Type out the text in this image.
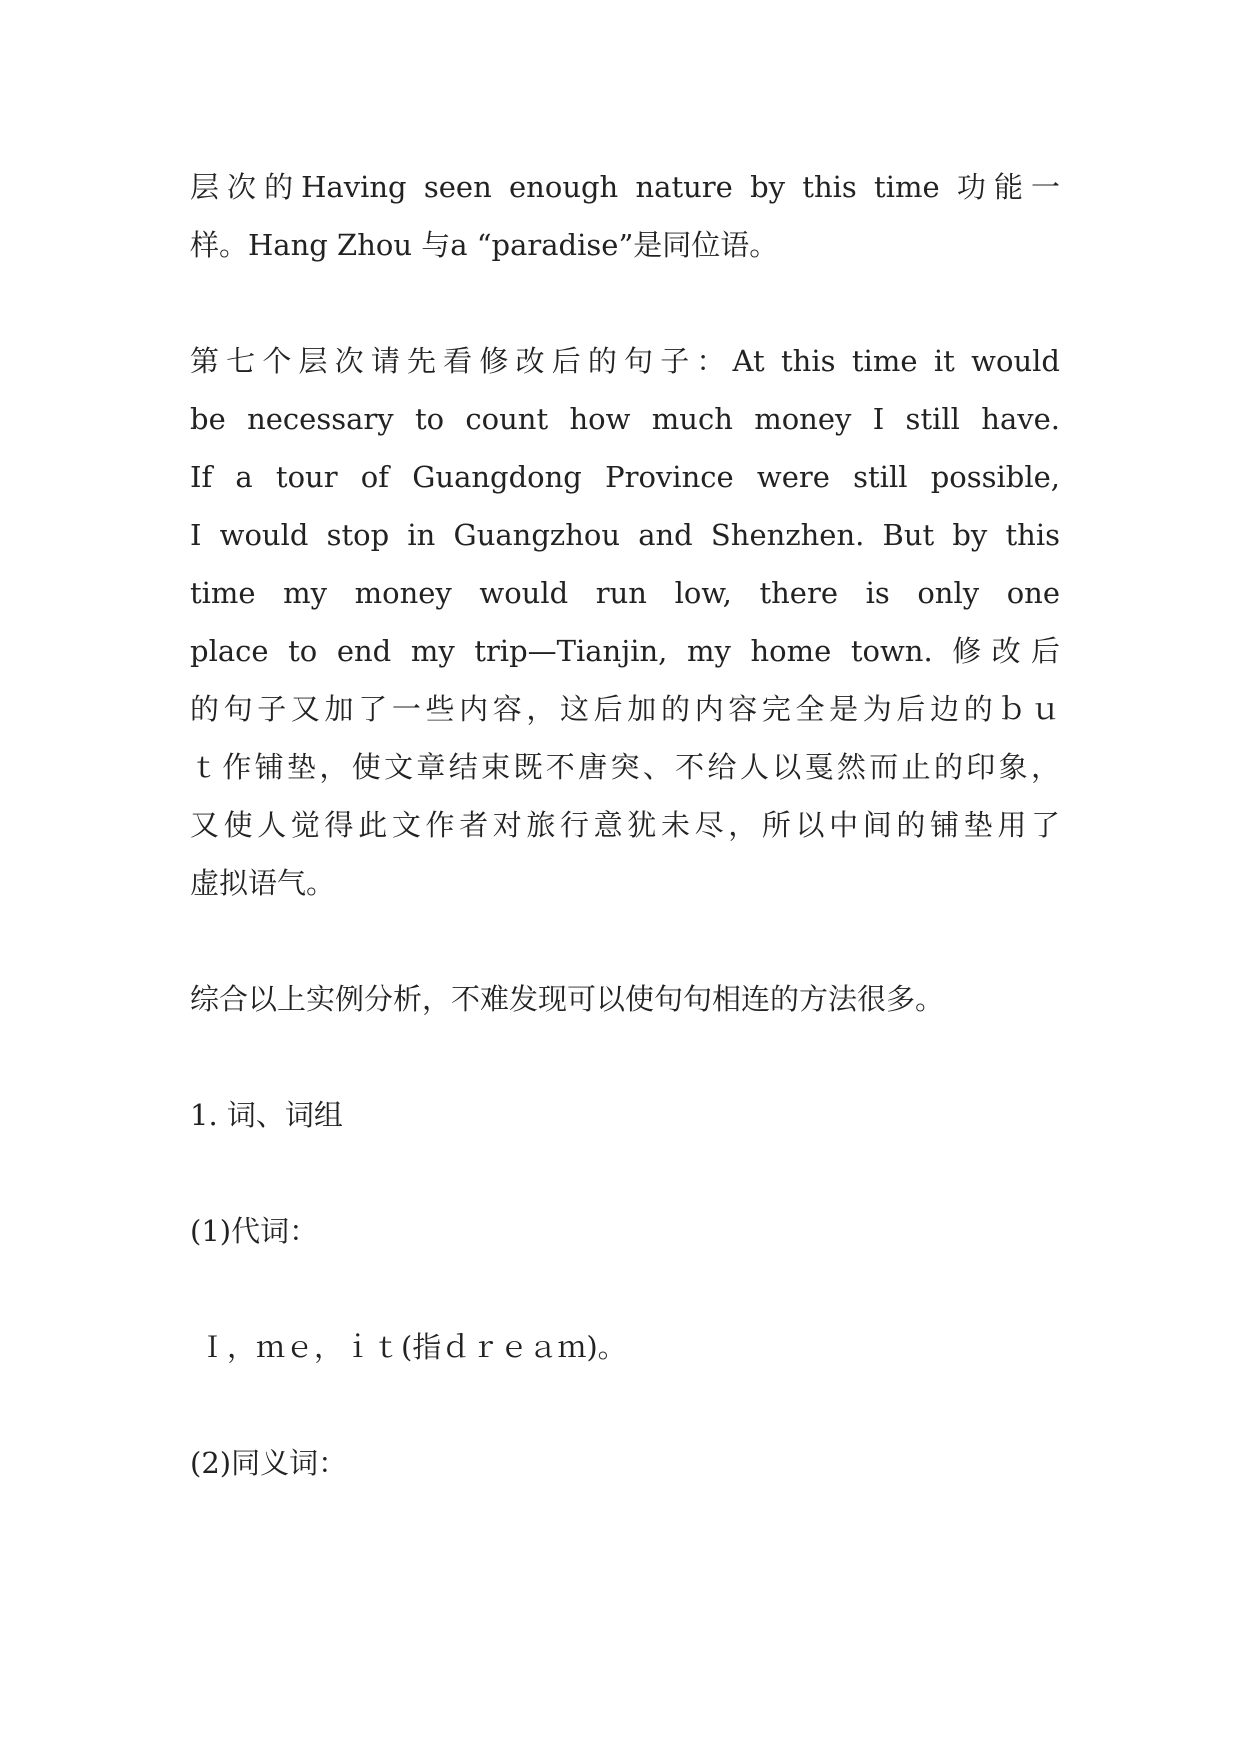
层次的Having seen enough nature by this time 功能一
样。Hang Zhou 与a “paradise”是同位语。
第七个层次请先看修改后的句子：At this time it would
be necessary to count how much money I still have.
If a tour of Guangdong Province were still possible,
I would stop in Guangzhou and Shenzhen. But by this
time my money would run low, there is only one
place to end my trip—Tianjin, my home town. 修改后
的句子又加了一些内容，这后加的内容完全是为后边的ｂｕ
ｔ作铺垫，使文章结束既不唐突、不给人以戛然而止的印象，
又使人觉得此文作者对旅行意犹未尽，所以中间的铺垫用了
虚拟语气。
综合以上实例分析，不难发现可以使句句相连的方法很多。
1. 词、词组
(1)代词：
Ｉ，ｍｅ，ｉｔ(指ｄｒｅａｍ)。
(2)同义词：
